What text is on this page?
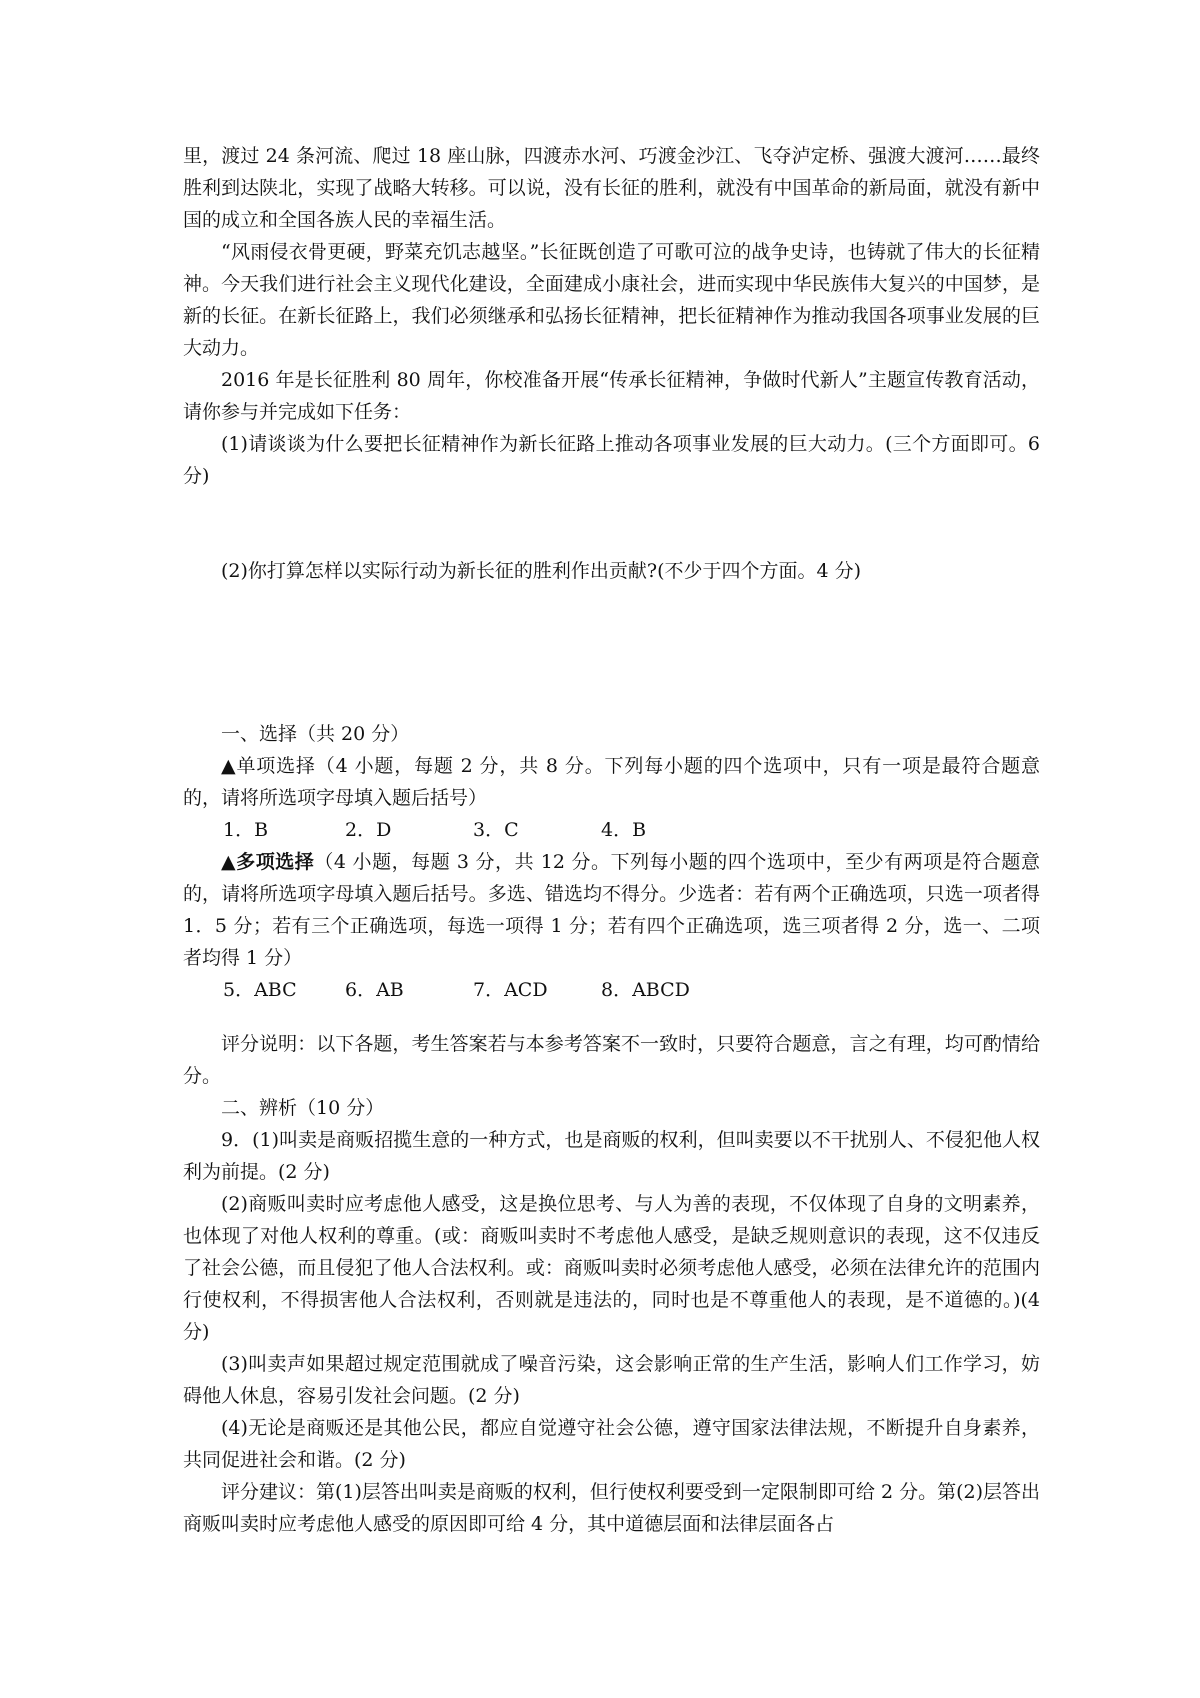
里，渡过 24 条河流、爬过 18 座山脉，四渡赤水河、巧渡金沙江、飞夺泸定桥、强渡大渡河……最终胜利到达陕北，实现了战略大转移。可以说，没有长征的胜利，就没有中国革命的新局面，就没有新中国的成立和全国各族人民的幸福生活。

“风雨侵衣骨更硬，野菜充饥志越坚。”长征既创造了可歌可泣的战争史诗，也铸就了伟大的长征精神。今天我们进行社会主义现代化建设，全面建成小康社会，进而实现中华民族伟大复兴的中国梦，是新的长征。在新长征路上，我们必须继承和弘扬长征精神，把长征精神作为推动我国各项事业发展的巨大动力。

2016 年是长征胜利 80 周年，你校准备开展“传承长征精神，争做时代新人”主题宣传教育活动，请你参与并完成如下任务：

(1)请谈谈为什么要把长征精神作为新长征路上推动各项事业发展的巨大动力。(三个方面即可。6 分)

(2)你打算怎样以实际行动为新长征的胜利作出贡献?(不少于四个方面。4 分)

一、选择（共 20 分）

▲单项选择（4 小题，每题 2 分，共 8 分。下列每小题的四个选项中，只有一项是最符合题意的，请将所选项字母填入题后括号）

1．B	2．D	3．C	4．B

▲多项选择（4 小题，每题 3 分，共 12 分。下列每小题的四个选项中，至少有两项是符合题意的，请将所选项字母填入题后括号。多选、错选均不得分。少选者：若有两个正确选项，只选一项者得 1．5 分；若有三个正确选项，每选一项得 1 分；若有四个正确选项，选三项者得 2 分，选一、二项者均得 1 分）

5．ABC	6．AB	7．ACD	8．ABCD

评分说明：以下各题，考生答案若与本参考答案不一致时，只要符合题意，言之有理，均可酌情给分。

二、辨析（10 分）

9．(1)叫卖是商贩招揽生意的一种方式，也是商贩的权利，但叫卖要以不干扰别人、不侵犯他人权利为前提。(2 分)

(2)商贩叫卖时应考虑他人感受，这是换位思考、与人为善的表现，不仅体现了自身的文明素养，也体现了对他人权利的尊重。(或：商贩叫卖时不考虑他人感受，是缺乏规则意识的表现，这不仅违反了社会公德，而且侵犯了他人合法权利。或：商贩叫卖时必须考虑他人感受，必须在法律允许的范围内行使权利，不得损害他人合法权利，否则就是违法的，同时也是不尊重他人的表现，是不道德的。)(4 分)

(3)叫卖声如果超过规定范围就成了噪音污染，这会影响正常的生产生活，影响人们工作学习，妨碍他人休息，容易引发社会问题。(2 分)

(4)无论是商贩还是其他公民，都应自觉遵守社会公德，遵守国家法律法规，不断提升自身素养，共同促进社会和谐。(2 分)

评分建议：第(1)层答出叫卖是商贩的权利，但行使权利要受到一定限制即可给 2 分。第(2)层答出商贩叫卖时应考虑他人感受的原因即可给 4 分，其中道德层面和法律层面各占
